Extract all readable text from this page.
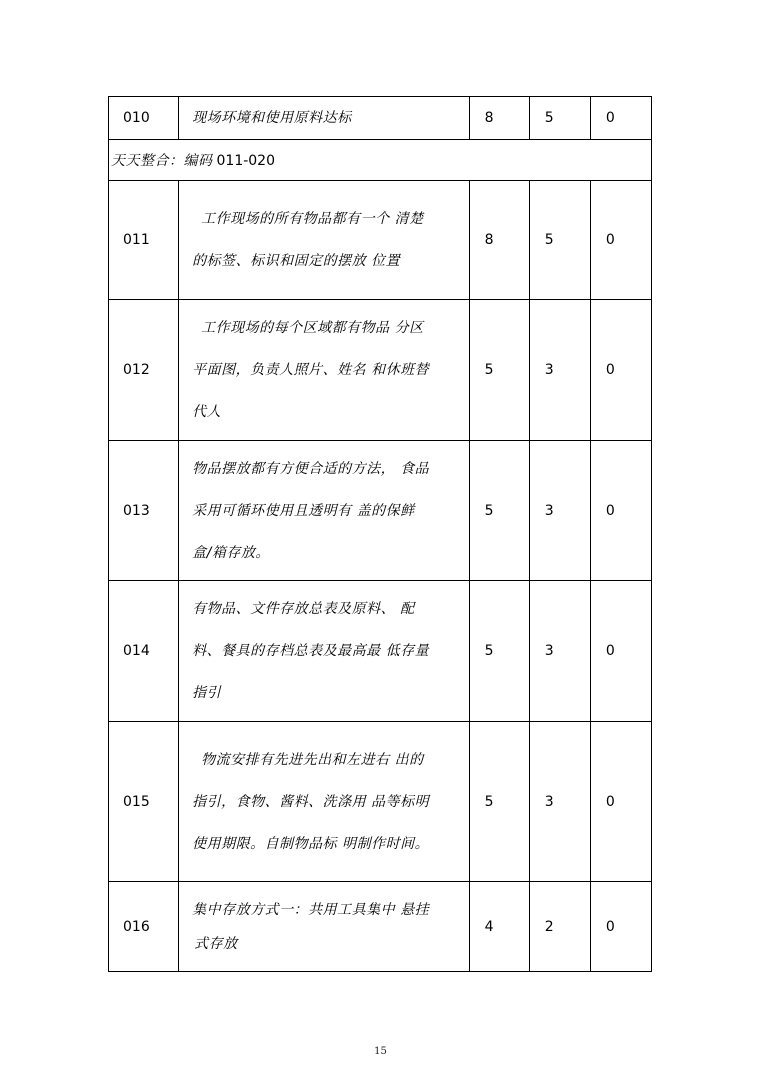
010	现场环境和使用原料达标	8	5	0
天天整合：编码 011-020				
011	工作现场的所有物品都有一个 清楚
的标签、标识和固定的摆放 位置	8	5	0
012	工作现场的每个区域都有物品 分区
平面图，负责人照片、姓名 和休班替
代人	5	3	0
013	物品摆放都有方便合适的方法， 食品
采用可循环使用且透明有 盖的保鲜
盒/箱存放。	5	3	0
014	有物品、文件存放总表及原料、 配
料、餐具的存档总表及最高最 低存量
指引	5	3	0
015	物流安排有先进先出和左进右 出的
指引，食物、酱料、洗涤用 品等标明
使用期限。自制物品标 明制作时间。	5	3	0
016	集中存放方式一：共用工具集中 悬挂
式存放	4	2	0
15
